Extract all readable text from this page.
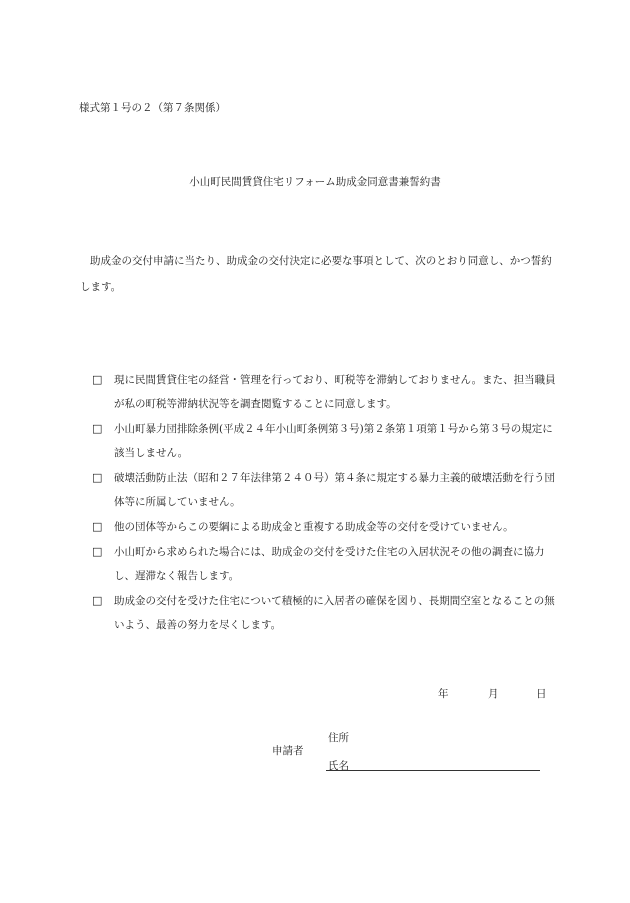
様式第１号の２（第７条関係）
小山町民間賃貸住宅リフォーム助成金同意書兼誓約書
助成金の交付申請に当たり、助成金の交付決定に必要な事項として、次のとおり同意し、かつ誓約します。
□	現に民間賃貸住宅の経営・管理を行っており、町税等を滞納しておりません。また、担当職員が私の町税等滞納状況等を調査閲覧することに同意します。
□	小山町暴力団排除条例(平成２４年小山町条例第３号)第２条第１項第１号から第３号の規定に該当しません。
□	破壊活動防止法（昭和２７年法律第２４０号）第４条に規定する暴力主義的破壊活動を行う団体等に所属していません。
□	他の団体等からこの要綱による助成金と重複する助成金等の交付を受けていません。
□	小山町から求められた場合には、助成金の交付を受けた住宅の入居状況その他の調査に協力し、遅滞なく報告します。
□	助成金の交付を受けた住宅について積極的に入居者の確保を図り、長期間空室となることの無いよう、最善の努力を尽くします。
年	月	日
申請者
住所
氏名
